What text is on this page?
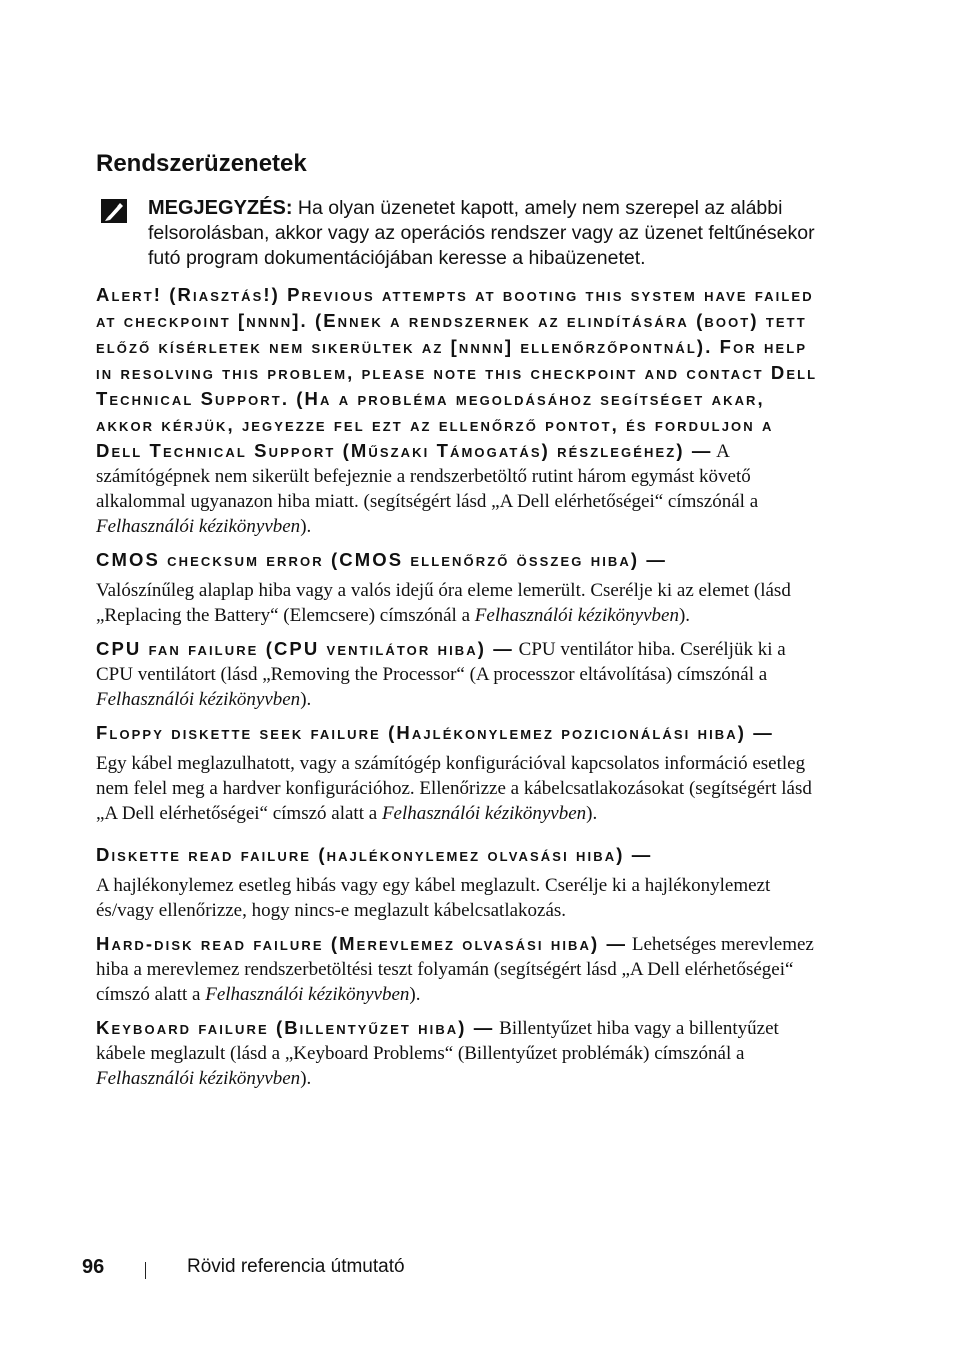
Rendszerüzenetek
MEGJEGYZÉS: Ha olyan üzenetet kapott, amely nem szerepel az alábbi felsorolásban, akkor vagy az operációs rendszer vagy az üzenet feltűnésekor futó program dokumentációjában keresse a hibaüzenetet.

Alert! (Riasztás!) Previous attempts at booting this system have failed at checkpoint [nnnn]. (Ennek a rendszernek az elindítására (boot) tett előző kísérletek nem sikerültek az [nnnn] ellenőrzőpontnál). For help in resolving this problem, please note this checkpoint and contact Dell Technical Support. (Ha a probléma megoldásához segítséget akar, akkor kérjük, jegyezze fel ezt az ellenőrző pontot, és forduljon a Dell Technical Support (Műszaki Támogatás) részlegéhez) — A számítógépnek nem sikerült befejeznie a rendszerbetöltő rutint három egymást követő alkalommal ugyanazon hiba miatt. (segítségért lásd „A Dell elérhetőségei“ címszónál a Felhasználói kézikönyvben).

CMOS checksum error (CMOS ellenőrző összeg hiba) —
Valószínűleg alaplap hiba vagy a valós idejű óra eleme lemerült. Cserélje ki az elemet (lásd „Replacing the Battery“ (Elemcsere) címszónál a Felhasználói kézikönyvben).

CPU fan failure (CPU ventilátor hiba) — CPU ventilátor hiba. Cseréljük ki a CPU ventilátort (lásd „Removing the Processor“ (A processzor eltávolítása) címszónál a Felhasználói kézikönyvben).

Floppy diskette seek failure (Hajlékonylemez pozicionálási hiba) —
Egy kábel meglazulhatott, vagy a számítógép konfigurációval kapcsolatos információ esetleg nem felel meg a hardver konfigurációhoz. Ellenőrizze a kábelcsatlakozásokat (segítségért lásd „A Dell elérhetőségei“ címszó alatt a Felhasználói kézikönyvben).

Diskette read failure (hajlékonylemez olvasási hiba) —
A hajlékonylemez esetleg hibás vagy egy kábel meglazult. Cserélje ki a hajlékonylemezt és/vagy ellenőrizze, hogy nincs-e meglazult kábelcsatlakozás.

Hard-disk read failure (Merevlemez olvasási hiba) — Lehetséges merevlemez hiba a merevlemez rendszerbetöltési teszt folyamán (segítségért lásd „A Dell elérhetőségei“ címszó alatt a Felhasználói kézikönyvben).

Keyboard failure (Billentyűzet hiba) — Billentyűzet hiba vagy a billentyűzet kábele meglazult (lásd a „Keyboard Problems“ (Billentyűzet problémák) címszónál a Felhasználói kézikönyvben).

96	Rövid referencia útmutató
